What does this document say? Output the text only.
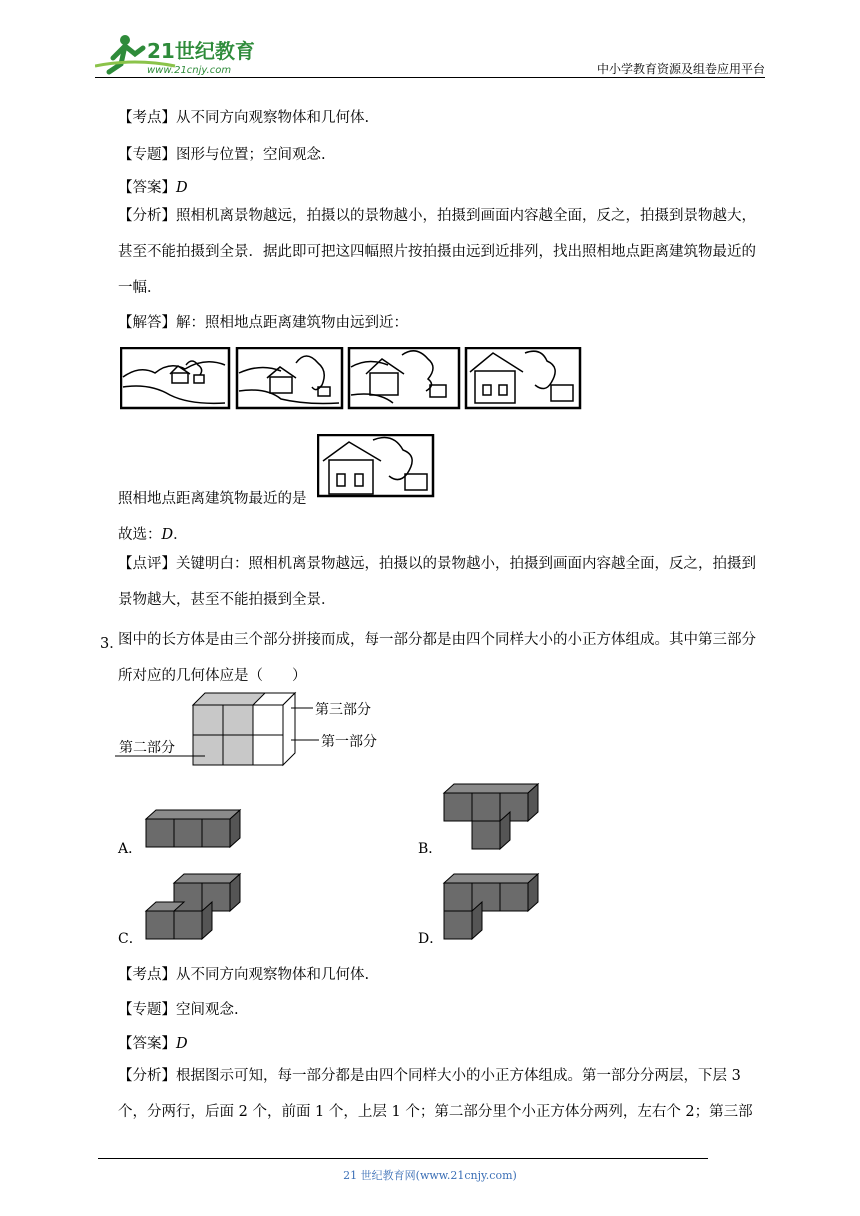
21世纪教育
www.21cnjy.com	中小学教育资源及组卷应用平台
【考点】从不同方向观察物体和几何体.
【专题】图形与位置；空间观念.
【答案】D
【分析】照相机离景物越远，拍摄以的景物越小，拍摄到画面内容越全面，反之，拍摄到景物越大，甚至不能拍摄到全景．据此即可把这四幅照片按拍摄由远到近排列，找出照相地点距离建筑物最近的一幅．
【解答】解：照相地点距离建筑物由远到近：
照相地点距离建筑物最近的是
故选：D．
【点评】关键明白：照相机离景物越远，拍摄以的景物越小，拍摄到画面内容越全面，反之，拍摄到景物越大，甚至不能拍摄到全景．
3．
图中的长方体是由三个部分拼接而成，每一部分都是由四个同样大小的小正方体组成。其中第三部分所对应的几何体应是（　　）
第三部分
第一部分
第二部分
A．	B．
C．	D．
【考点】从不同方向观察物体和几何体.
【专题】空间观念.
【答案】D
【分析】根据图示可知，每一部分都是由四个同样大小的小正方体组成。第一部分分两层，下层 3 个，分两行，后面 2 个，前面 1 个，上层 1 个；第二部分里个小正方体分两列，左右个 2；第三部
21 世纪教育网(www.21cnjy.com)
